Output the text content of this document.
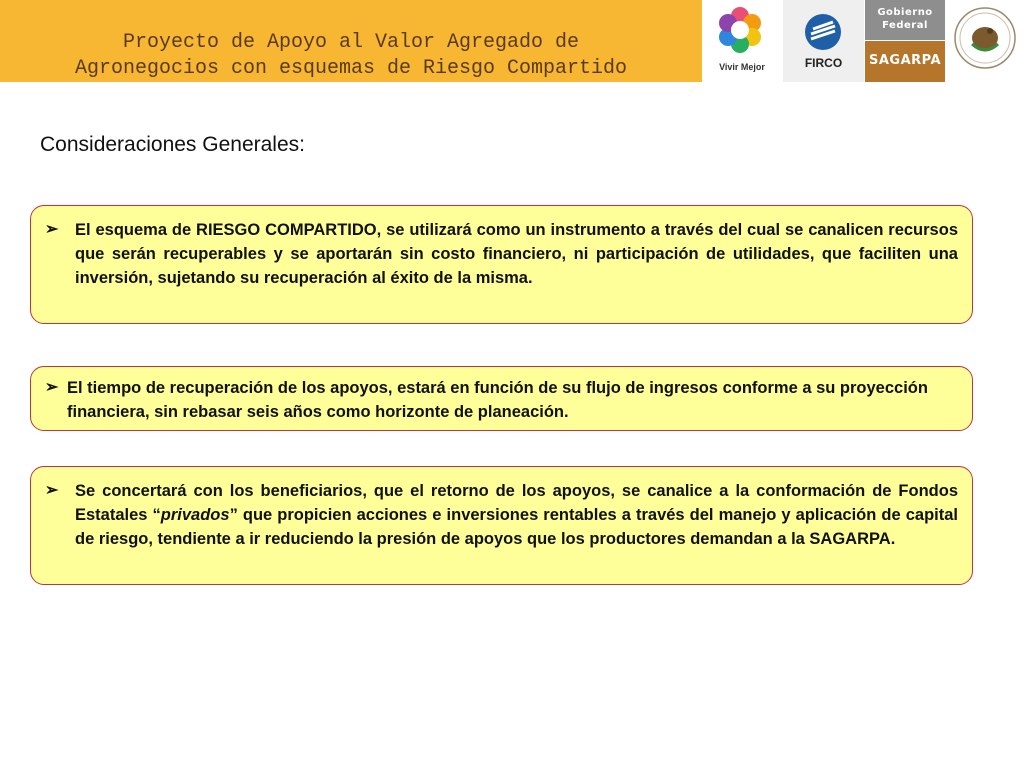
Proyecto de Apoyo al Valor Agregado de
Agronegocios con esquemas de Riesgo Compartido	Vivir Mejor	FIRCO
Gobierno
Federal
SAGARPA
Consideraciones Generales:
➢	El esquema de RIESGO COMPARTIDO, se utilizará como un instrumento a través del cual se canalicen recursos que serán recuperables y se aportarán sin costo financiero, ni participación de utilidades, que faciliten una inversión, sujetando su recuperación al éxito de la misma.
➢ El tiempo de recuperación de los apoyos, estará en función de su flujo de ingresos conforme a su proyección financiera, sin rebasar seis años como horizonte de planeación.
➢	Se concertará con los beneficiarios, que el retorno de los apoyos, se canalice a la conformación de Fondos Estatales “privados” que propicien acciones e inversiones rentables a través del manejo y aplicación de capital de riesgo, tendiente a ir reduciendo la presión de apoyos que los productores demandan a la SAGARPA.
